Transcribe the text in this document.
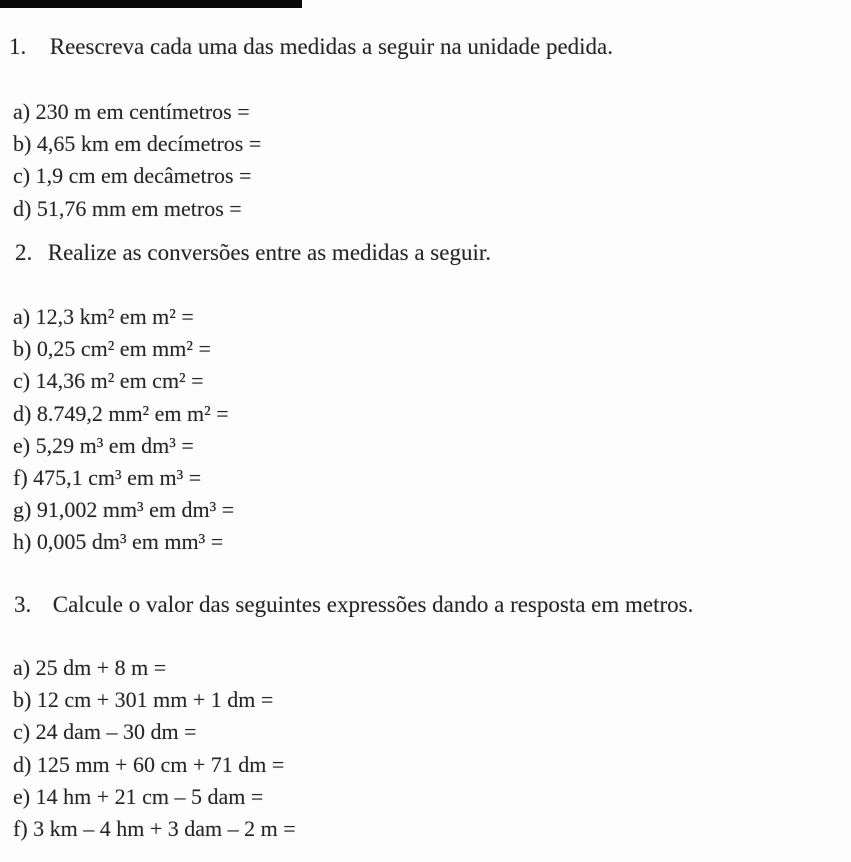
1. Reescreva cada uma das medidas a seguir na unidade pedida.
a) 230 m em centímetros =
b) 4,65 km em decímetros =
c) 1,9 cm em decâmetros =
d) 51,76 mm em metros =
2. Realize as conversões entre as medidas a seguir.
a) 12,3 km² em m² =
b) 0,25 cm² em mm² =
c) 14,36 m² em cm² =
d) 8.749,2 mm² em m² =
e) 5,29 m³ em dm³ =
f) 475,1 cm³ em m³ =
g) 91,002 mm³ em dm³ =
h) 0,005 dm³ em mm³ =
3. Calcule o valor das seguintes expressões dando a resposta em metros.
a) 25 dm + 8 m =
b) 12 cm + 301 mm + 1 dm =
c) 24 dam – 30 dm =
d) 125 mm + 60 cm + 71 dm =
e) 14 hm + 21 cm – 5 dam =
f) 3 km – 4 hm + 3 dam – 2 m =
